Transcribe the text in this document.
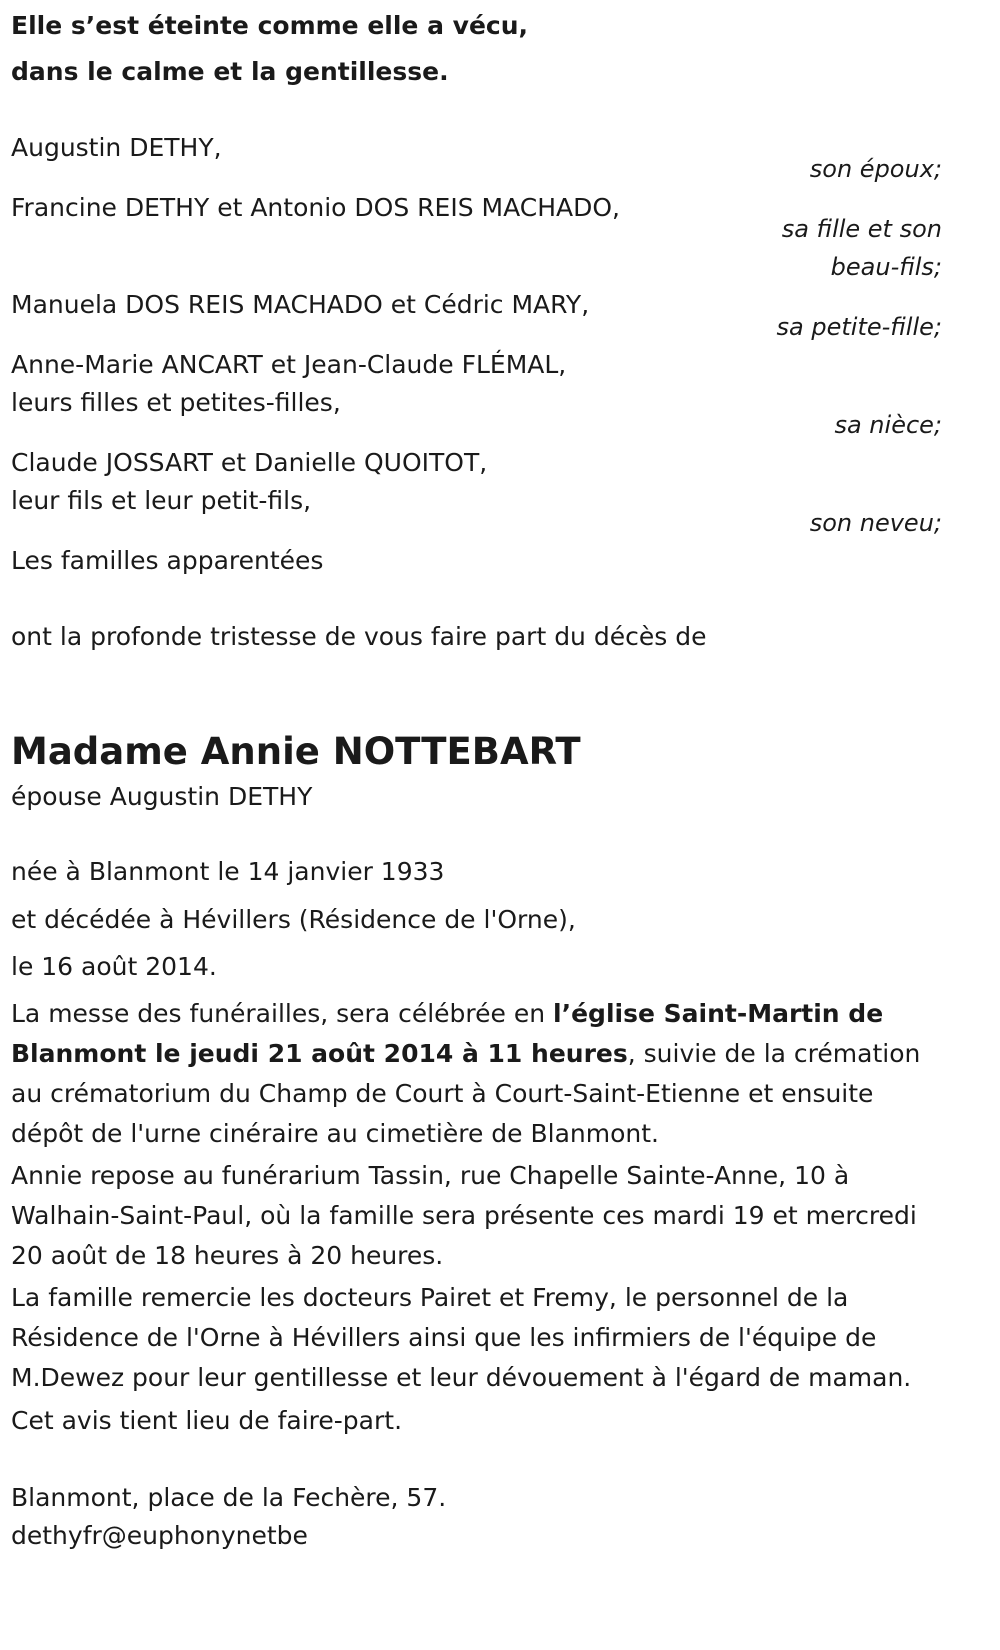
Elle s’est éteinte comme elle a vécu,
dans le calme et la gentillesse.
Augustin DETHY,
son époux;
Francine DETHY et Antonio DOS REIS MACHADO,
sa fille et son
beau-fils;
Manuela DOS REIS MACHADO et Cédric MARY,
sa petite-fille;
Anne-Marie ANCART et Jean-Claude FLÉMAL,
leurs filles et petites-filles,
sa nièce;
Claude JOSSART et Danielle QUOITOT,
leur fils et leur petit-fils,
son neveu;
Les familles apparentées
ont la profonde tristesse de vous faire part du décès de
Madame Annie NOTTEBART
épouse Augustin DETHY
née à Blanmont le 14 janvier 1933
et décédée à Hévillers (Résidence de l'Orne),
le 16 août 2014.
La messe des funérailles, sera célébrée en l’église Saint-Martin de Blanmont le jeudi 21 août 2014 à 11 heures, suivie de la crémation au crématorium du Champ de Court à Court-Saint-Etienne et ensuite dépôt de l'urne cinéraire au cimetière de Blanmont.
Annie repose au funérarium Tassin, rue Chapelle Sainte-Anne, 10 à Walhain-Saint-Paul, où la famille sera présente ces mardi 19 et mercredi 20 août de 18 heures à 20 heures.
La famille remercie les docteurs Pairet et Fremy, le personnel de la Résidence de l'Orne à Hévillers ainsi que les infirmiers de l'équipe de M.Dewez pour leur gentillesse et leur dévouement à l'égard de maman.
Cet avis tient lieu de faire-part.
Blanmont, place de la Fechère, 57.
dethyfr@euphonynetbe
